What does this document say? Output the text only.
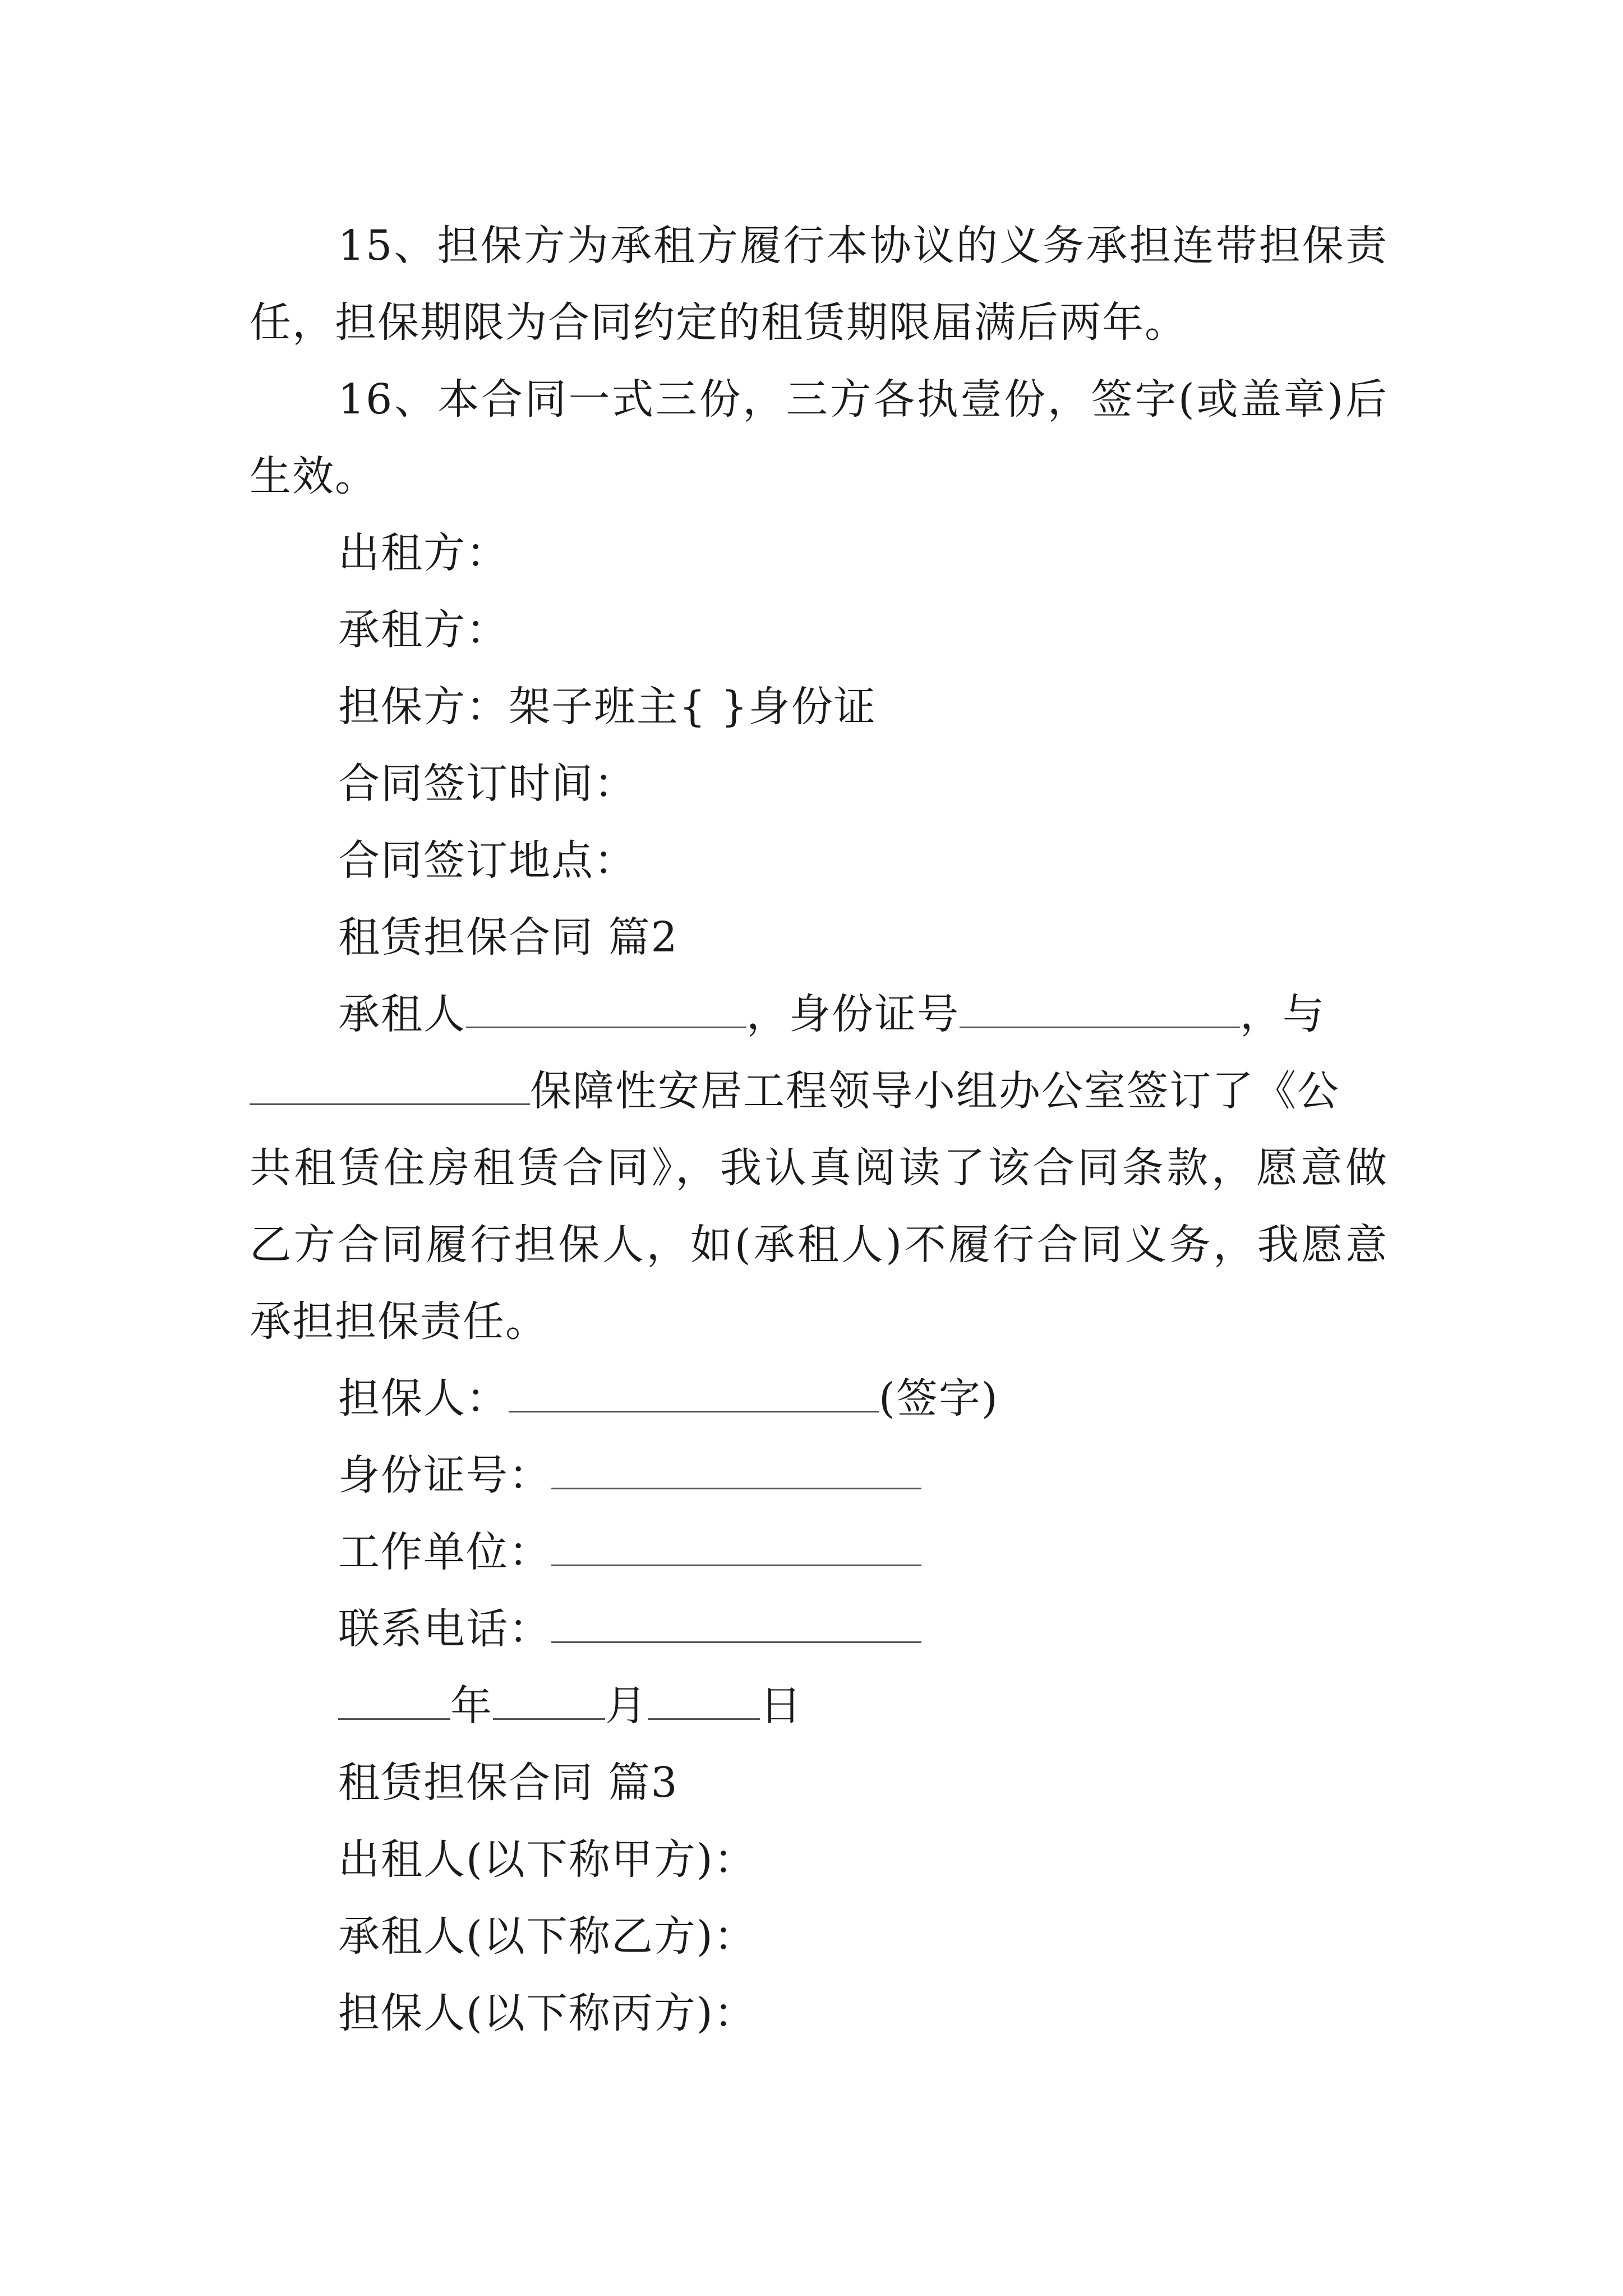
15、担保方为承租方履行本协议的义务承担连带担保责
任，担保期限为合同约定的租赁期限届满后两年。
16、本合同一式三份，三方各执壹份，签字(或盖章)后
生效。
出租方：
承租方：
担保方：架子班主{ }身份证
合同签订时间：
合同签订地点：
租赁担保合同 篇2
承租人	，身份证号	，与
保障性安居工程领导小组办公室签订了《公
共租赁住房租赁合同》，我认真阅读了该合同条款，愿意做
乙方合同履行担保人，如(承租人)不履行合同义务，我愿意
承担担保责任。
担保人：	(签字)
身份证号：
工作单位：
联系电话：
年	月	日
租赁担保合同 篇3
出租人(以下称甲方)：
承租人(以下称乙方)：
担保人(以下称丙方)：
